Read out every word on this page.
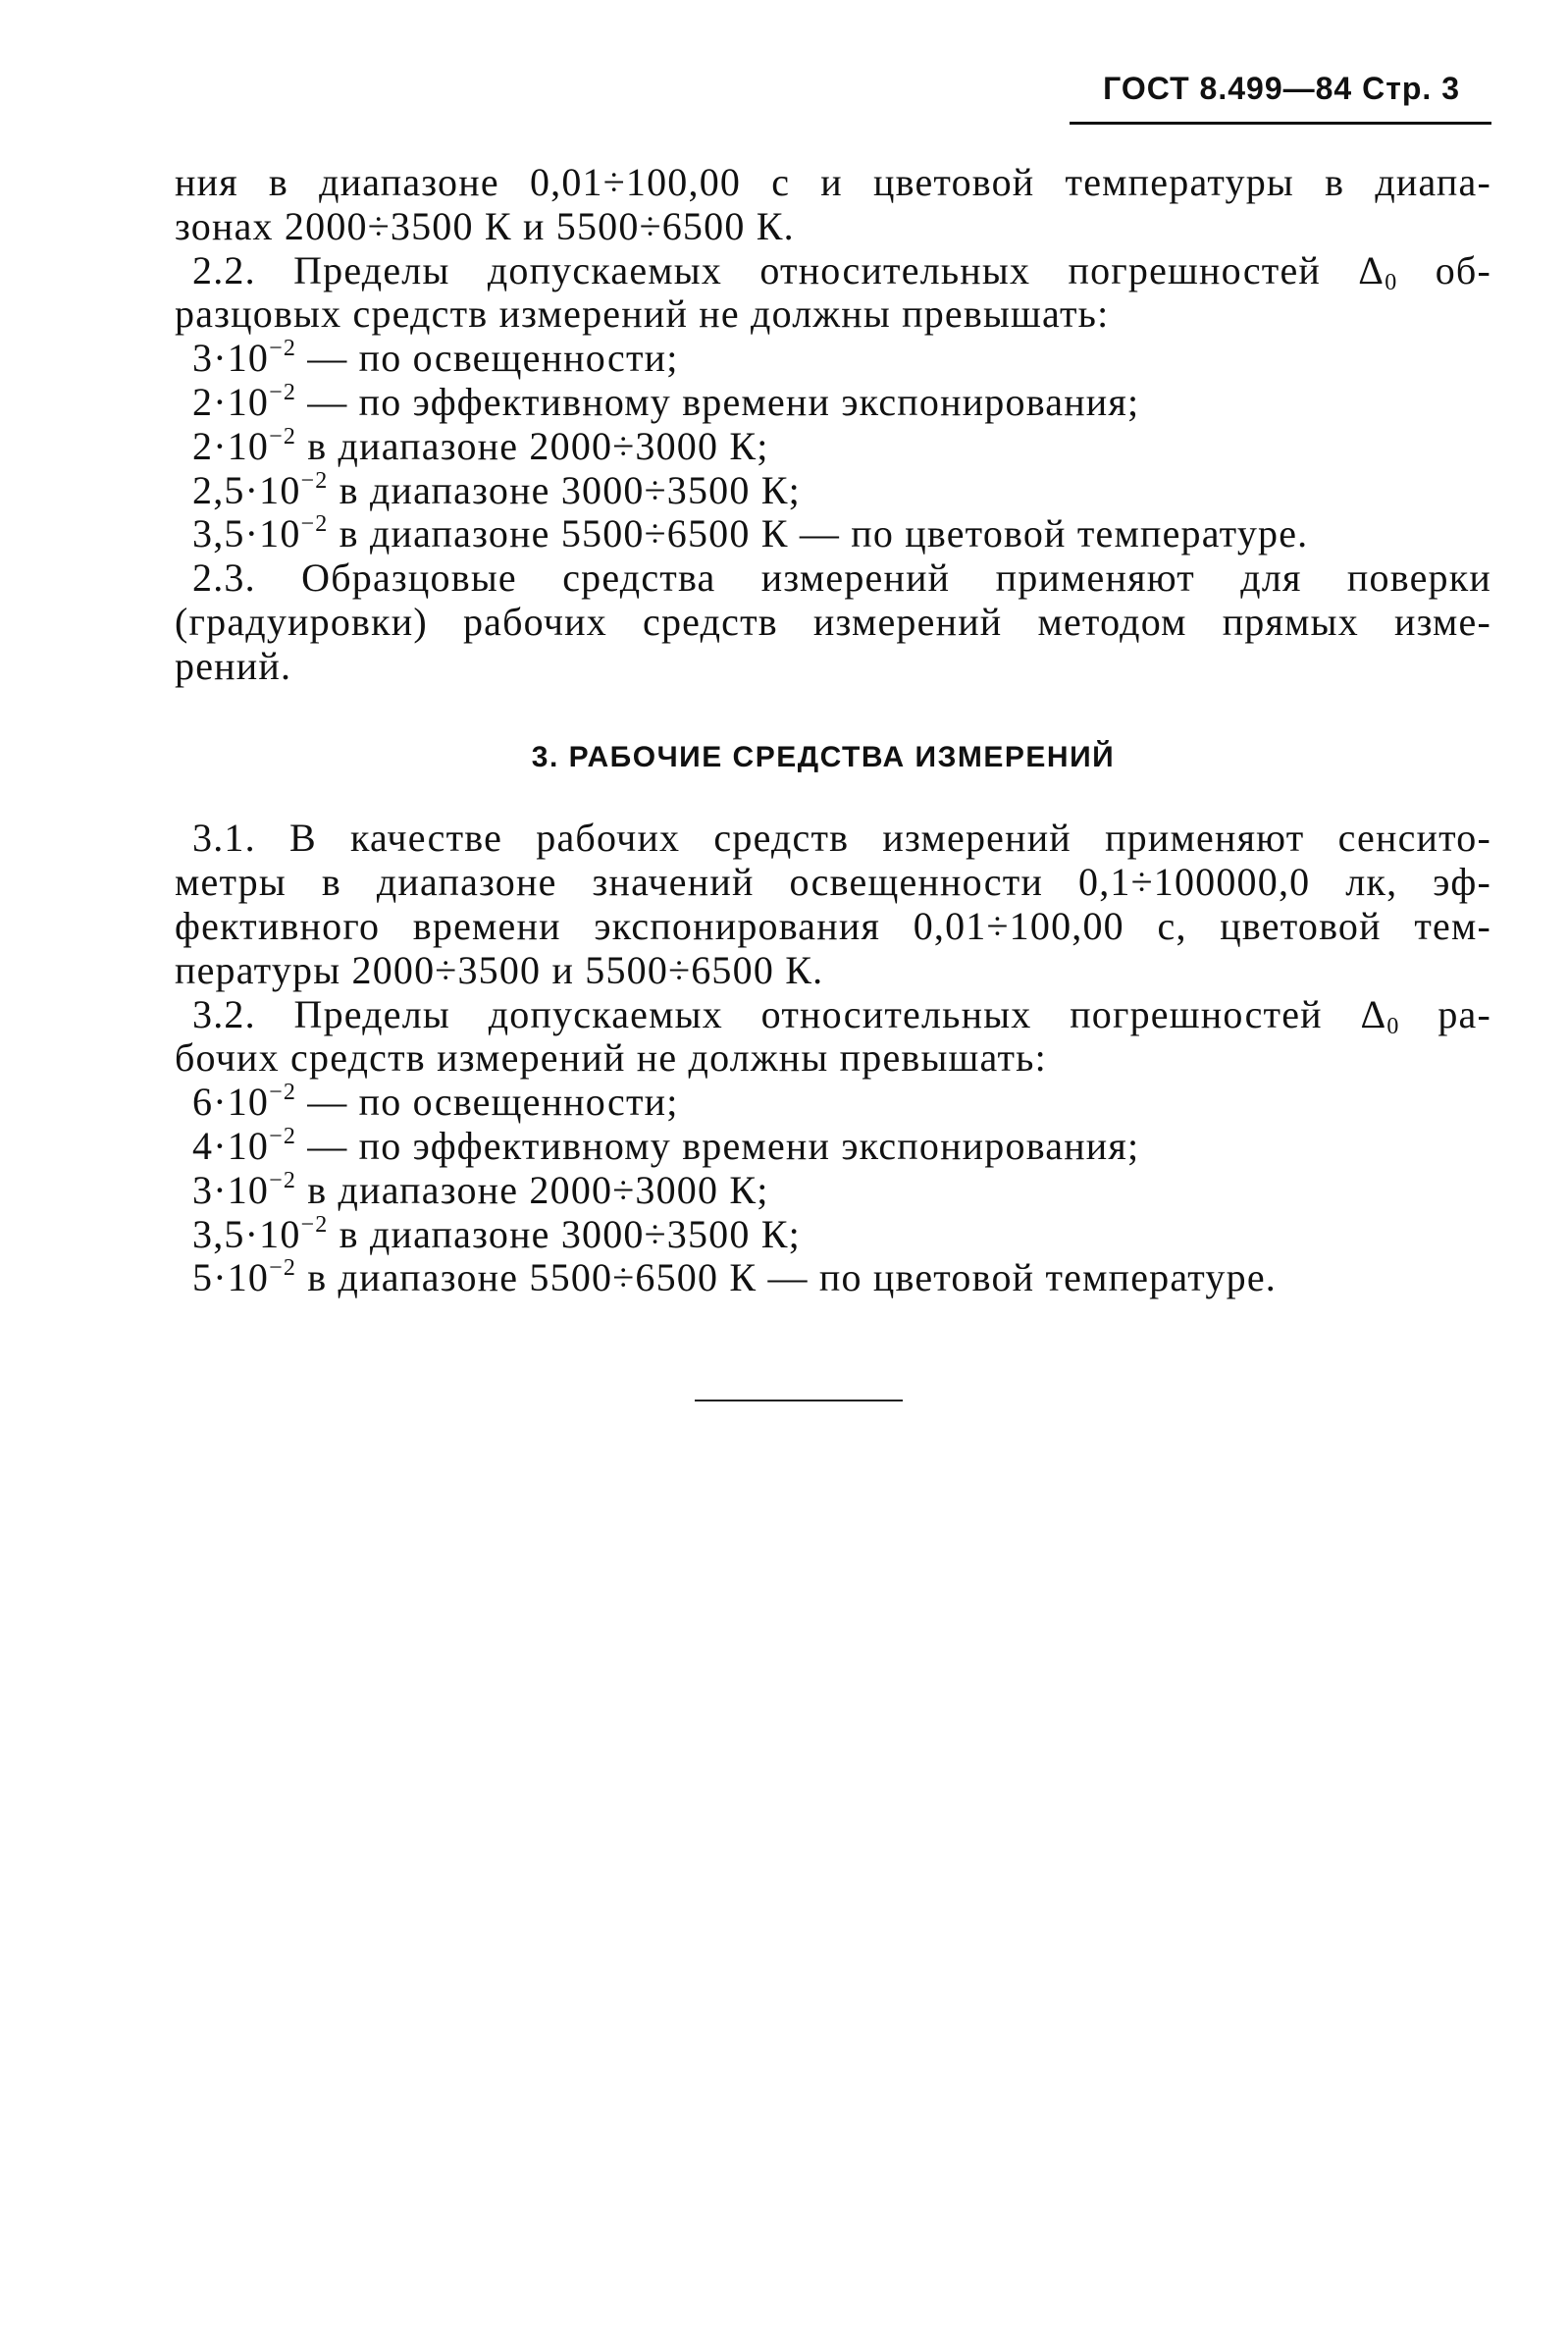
ГОСТ 8.499—84 Стр. 3
ния в диапазоне 0,01÷100,00 с и цветовой температуры в диапа-
зонах 2000÷3500 К и 5500÷6500 К.
2.2. Пределы допускаемых относительных погрешностей $\Delta_0$ об-
разцовых средств измерений не должны превышать:
$3\cdot 10^{-2}$ — по освещенности;
$2\cdot 10^{-2}$ — по эффективному времени экспонирования;
$2\cdot 10^{-2}$ в диапазоне 2000÷3000 К;
$2,5\cdot 10^{-2}$ в диапазоне 3000÷3500 К;
$3,5\cdot 10^{-2}$ в диапазоне 5500÷6500 К — по цветовой температуре.
2.3. Образцовые средства измерений применяют для поверки
(градуировки) рабочих средств измерений методом прямых изме-
рений.
3. РАБОЧИЕ СРЕДСТВА ИЗМЕРЕНИЙ
3.1. В качестве рабочих средств измерений применяют сенсито-
метры в диапазоне значений освещенности 0,1÷100000,0 лк, эф-
фективного времени экспонирования 0,01÷100,00 с, цветовой тем-
пературы 2000÷3500 и 5500÷6500 К.
3.2. Пределы допускаемых относительных погрешностей $\Delta_0$ ра-
бочих средств измерений не должны превышать:
$6\cdot 10^{-2}$ — по освещенности;
$4\cdot 10^{-2}$ — по эффективному времени экспонирования;
$3\cdot 10^{-2}$ в диапазоне 2000÷3000 К;
$3,5\cdot 10^{-2}$ в диапазоне 3000÷3500 К;
$5\cdot 10^{-2}$ в диапазоне 5500÷6500 К — по цветовой температуре.
